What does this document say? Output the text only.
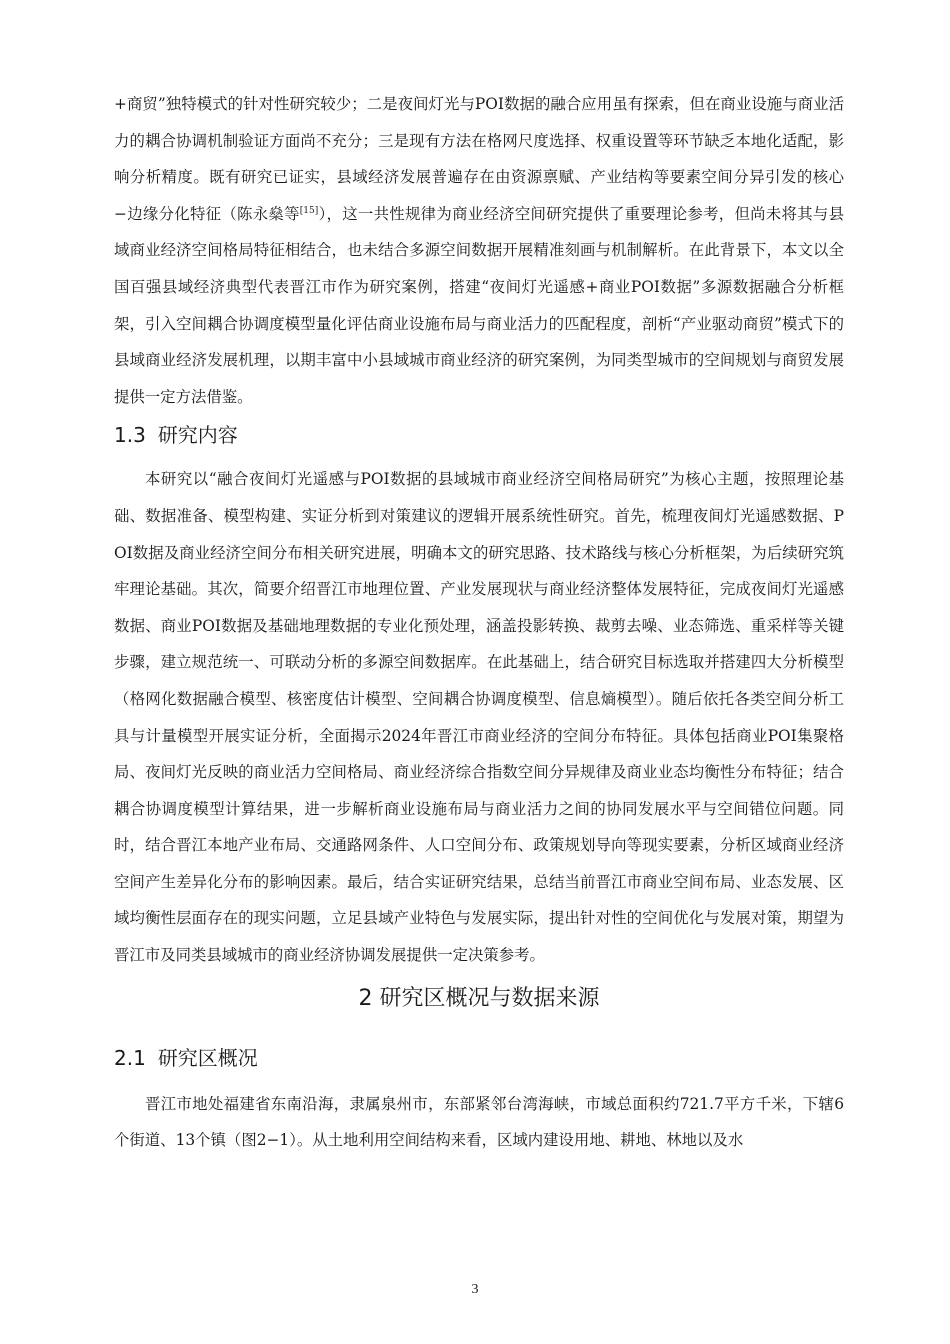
+商贸”独特模式的针对性研究较少；二是夜间灯光与POI数据的融合应用虽有探索，但在商业设施与商业活力的耦合协调机制验证方面尚不充分；三是现有方法在格网尺度选择、权重设置等环节缺乏本地化适配，影响分析精度。既有研究已证实，县域经济发展普遍存在由资源禀赋、产业结构等要素空间分异引发的核心−边缘分化特征（陈永燊等[15]），这一共性规律为商业经济空间研究提供了重要理论参考，但尚未将其与县域商业经济空间格局特征相结合，也未结合多源空间数据开展精准刻画与机制解析。在此背景下，本文以全国百强县域经济典型代表晋江市作为研究案例，搭建“夜间灯光遥感+商业POI数据”多源数据融合分析框架，引入空间耦合协调度模型量化评估商业设施布局与商业活力的匹配程度，剖析“产业驱动商贸”模式下的县域商业经济发展机理，以期丰富中小县域城市商业经济的研究案例，为同类型城市的空间规划与商贸发展提供一定方法借鉴。

1.3 研究内容

本研究以“融合夜间灯光遥感与POI数据的县域城市商业经济空间格局研究”为核心主题，按照理论基础、数据准备、模型构建、实证分析到对策建议的逻辑开展系统性研究。首先，梳理夜间灯光遥感数据、POI数据及商业经济空间分布相关研究进展，明确本文的研究思路、技术路线与核心分析框架，为后续研究筑牢理论基础。其次，简要介绍晋江市地理位置、产业发展现状与商业经济整体发展特征，完成夜间灯光遥感数据、商业POI数据及基础地理数据的专业化预处理，涵盖投影转换、裁剪去噪、业态筛选、重采样等关键步骤，建立规范统一、可联动分析的多源空间数据库。在此基础上，结合研究目标选取并搭建四大分析模型（格网化数据融合模型、核密度估计模型、空间耦合协调度模型、信息熵模型）。随后依托各类空间分析工具与计量模型开展实证分析，全面揭示2024年晋江市商业经济的空间分布特征。具体包括商业POI集聚格局、夜间灯光反映的商业活力空间格局、商业经济综合指数空间分异规律及商业业态均衡性分布特征；结合耦合协调度模型计算结果，进一步解析商业设施布局与商业活力之间的协同发展水平与空间错位问题。同时，结合晋江本地产业布局、交通路网条件、人口空间分布、政策规划导向等现实要素，分析区域商业经济空间产生差异化分布的影响因素。最后，结合实证研究结果，总结当前晋江市商业空间布局、业态发展、区域均衡性层面存在的现实问题，立足县域产业特色与发展实际，提出针对性的空间优化与发展对策，期望为晋江市及同类县域城市的商业经济协调发展提供一定决策参考。

2 研究区概况与数据来源
2.1 研究区概况

晋江市地处福建省东南沿海，隶属泉州市，东部紧邻台湾海峡，市域总面积约721.7平方千米，下辖6个街道、13个镇（图2−1）。从土地利用空间结构来看，区域内建设用地、耕地、林地以及水

3
